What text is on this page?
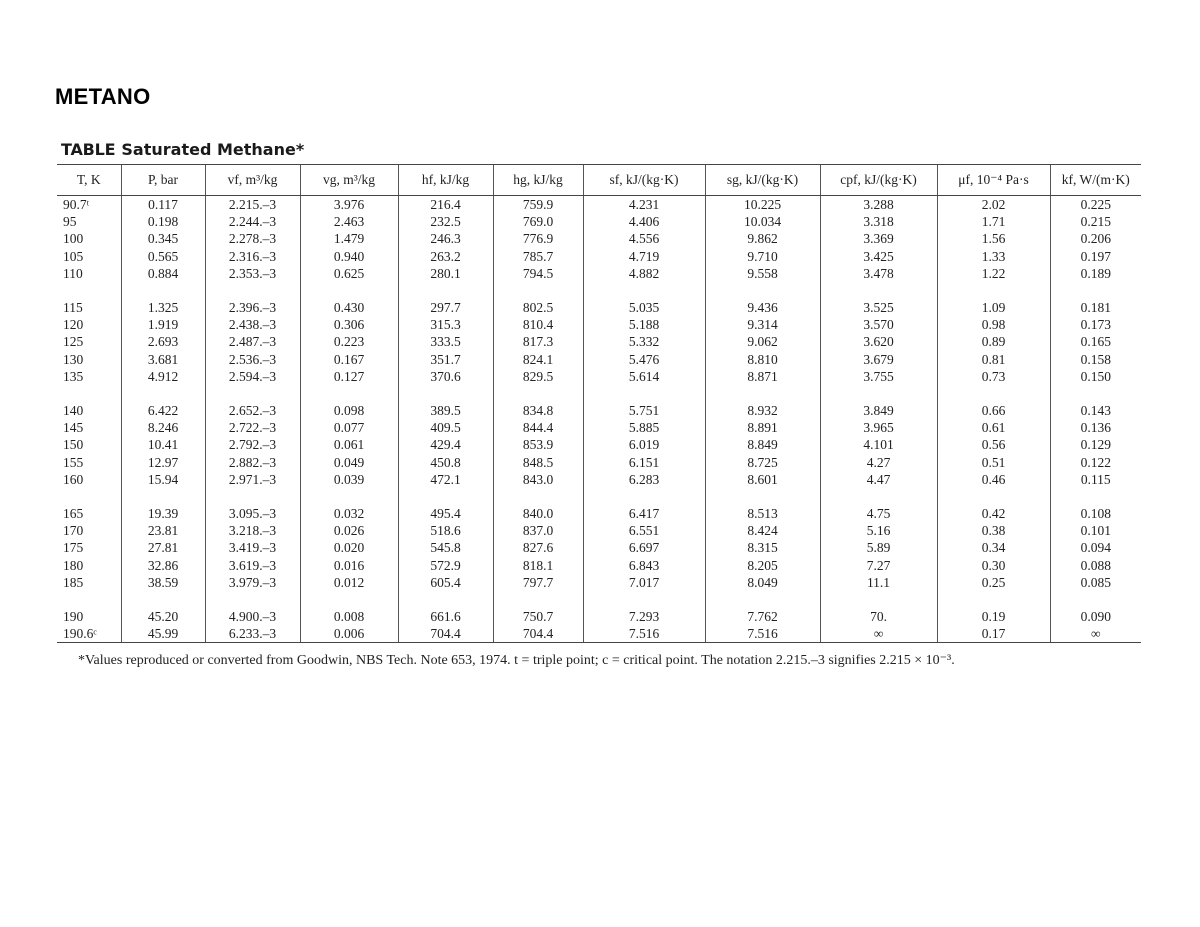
METANO
TABLE Saturated Methane*
T, K	P, bar	vf, m³/kg	vg, m³/kg	hf, kJ/kg	hg, kJ/kg	sf, kJ/(kg·K)	sg, kJ/(kg·K)	cpf, kJ/(kg·K)	μf, 10⁻⁴ Pa·s	kf, W/(m·K)
90.7ᵗ	0.117	2.215.–3	3.976	216.4	759.9	4.231	10.225	3.288	2.02	0.225
95	0.198	2.244.–3	2.463	232.5	769.0	4.406	10.034	3.318	1.71	0.215
100	0.345	2.278.–3	1.479	246.3	776.9	4.556	9.862	3.369	1.56	0.206
105	0.565	2.316.–3	0.940	263.2	785.7	4.719	9.710	3.425	1.33	0.197
110	0.884	2.353.–3	0.625	280.1	794.5	4.882	9.558	3.478	1.22	0.189

115	1.325	2.396.–3	0.430	297.7	802.5	5.035	9.436	3.525	1.09	0.181
120	1.919	2.438.–3	0.306	315.3	810.4	5.188	9.314	3.570	0.98	0.173
125	2.693	2.487.–3	0.223	333.5	817.3	5.332	9.062	3.620	0.89	0.165
130	3.681	2.536.–3	0.167	351.7	824.1	5.476	8.810	3.679	0.81	0.158
135	4.912	2.594.–3	0.127	370.6	829.5	5.614	8.871	3.755	0.73	0.150

140	6.422	2.652.–3	0.098	389.5	834.8	5.751	8.932	3.849	0.66	0.143
145	8.246	2.722.–3	0.077	409.5	844.4	5.885	8.891	3.965	0.61	0.136
150	10.41	2.792.–3	0.061	429.4	853.9	6.019	8.849	4.101	0.56	0.129
155	12.97	2.882.–3	0.049	450.8	848.5	6.151	8.725	4.27	0.51	0.122
160	15.94	2.971.–3	0.039	472.1	843.0	6.283	8.601	4.47	0.46	0.115

165	19.39	3.095.–3	0.032	495.4	840.0	6.417	8.513	4.75	0.42	0.108
170	23.81	3.218.–3	0.026	518.6	837.0	6.551	8.424	5.16	0.38	0.101
175	27.81	3.419.–3	0.020	545.8	827.6	6.697	8.315	5.89	0.34	0.094
180	32.86	3.619.–3	0.016	572.9	818.1	6.843	8.205	7.27	0.30	0.088
185	38.59	3.979.–3	0.012	605.4	797.7	7.017	8.049	11.1	0.25	0.085

190	45.20	4.900.–3	0.008	661.6	750.7	7.293	7.762	70.	0.19	0.090
190.6ᶜ	45.99	6.233.–3	0.006	704.4	704.4	7.516	7.516	∞	0.17	∞
*Values reproduced or converted from Goodwin, NBS Tech. Note 653, 1974. t = triple point; c = critical point. The notation 2.215.–3 signifies 2.215 × 10⁻³.
